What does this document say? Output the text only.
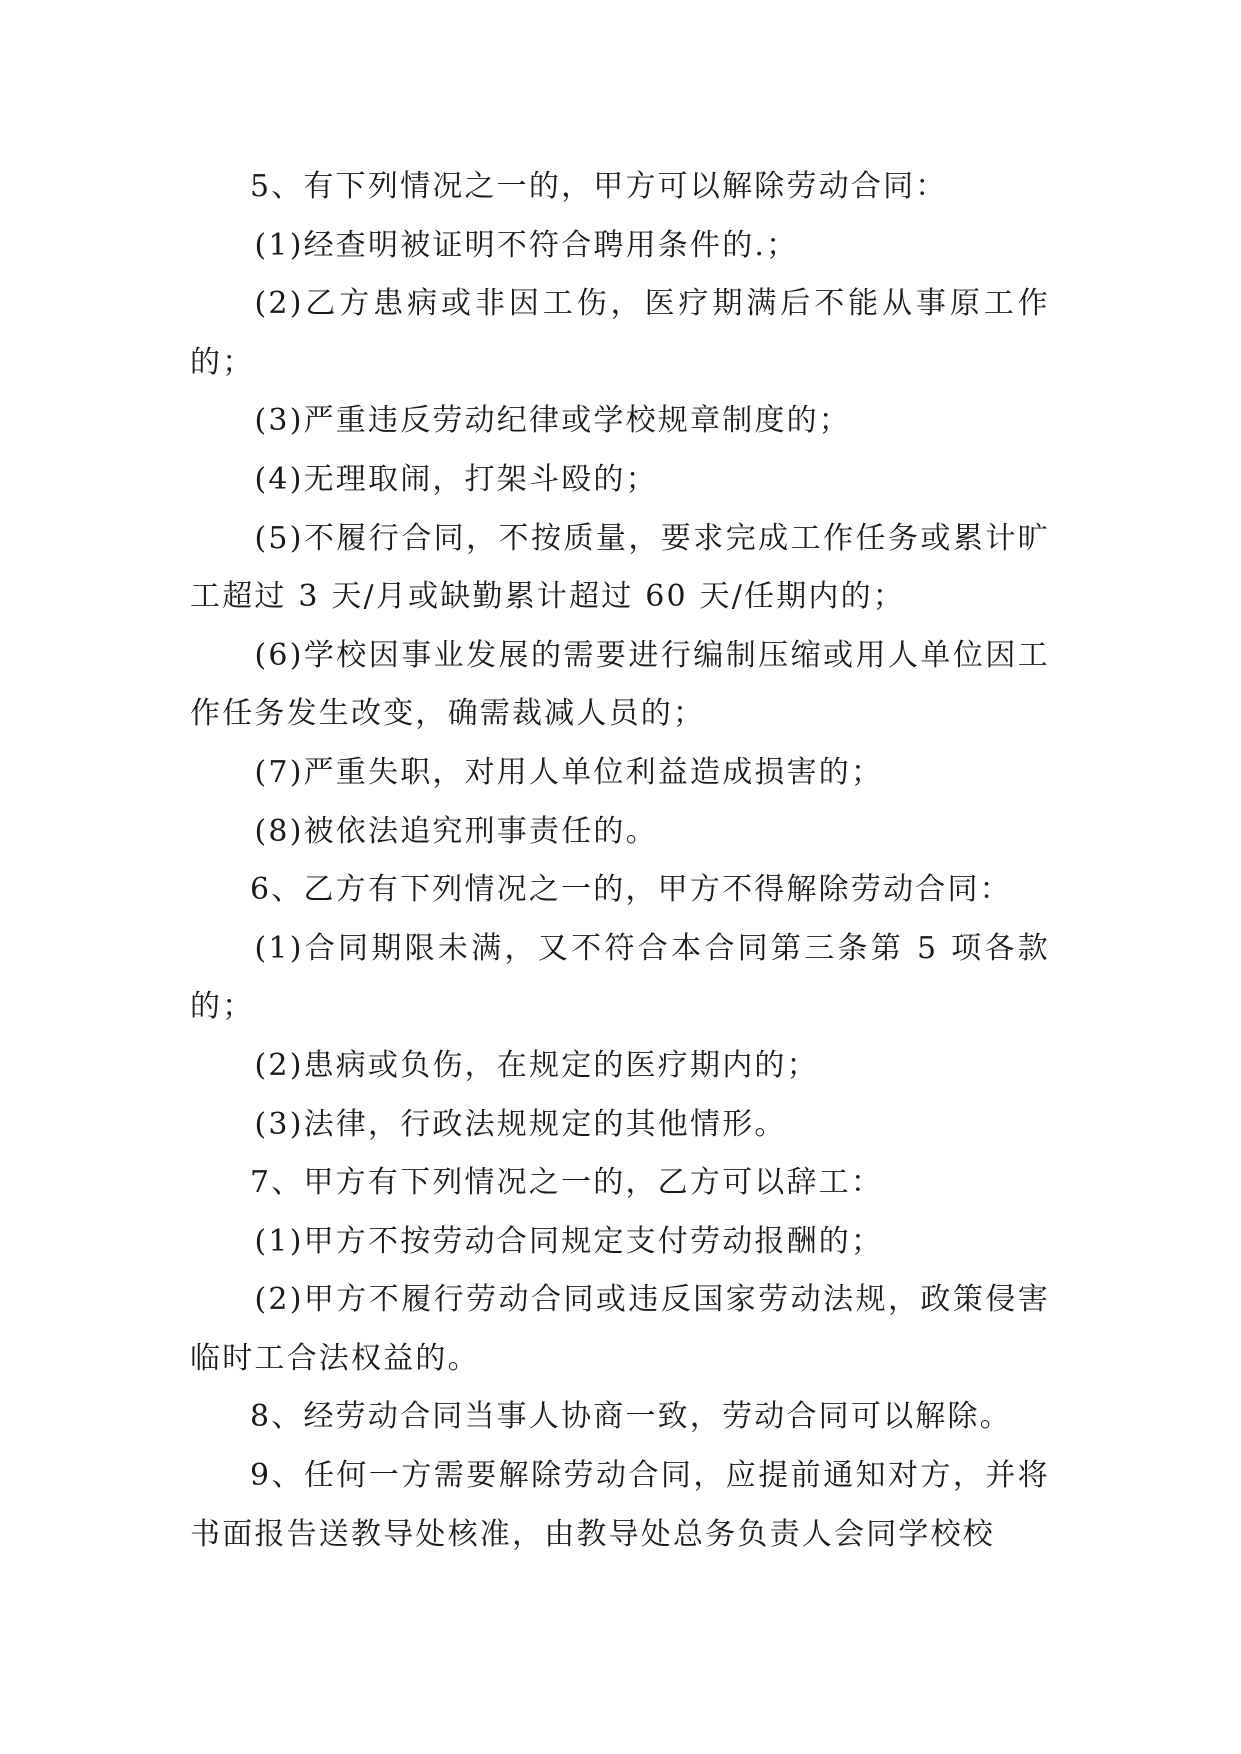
5、有下列情况之一的，甲方可以解除劳动合同：

(1)经查明被证明不符合聘用条件的.；

(2)乙方患病或非因工伤，医疗期满后不能从事原工作的；

(3)严重违反劳动纪律或学校规章制度的；

(4)无理取闹，打架斗殴的；

(5)不履行合同，不按质量，要求完成工作任务或累计旷工超过 3 天/月或缺勤累计超过 60 天/任期内的；

(6)学校因事业发展的需要进行编制压缩或用人单位因工作任务发生改变，确需裁减人员的；

(7)严重失职，对用人单位利益造成损害的；

(8)被依法追究刑事责任的。

6、乙方有下列情况之一的，甲方不得解除劳动合同：

(1)合同期限未满，又不符合本合同第三条第 5 项各款的；

(2)患病或负伤，在规定的医疗期内的；

(3)法律，行政法规规定的其他情形。

7、甲方有下列情况之一的，乙方可以辞工：

(1)甲方不按劳动合同规定支付劳动报酬的；

(2)甲方不履行劳动合同或违反国家劳动法规，政策侵害临时工合法权益的。

8、经劳动合同当事人协商一致，劳动合同可以解除。

9、任何一方需要解除劳动合同，应提前通知对方，并将书面报告送教导处核准，由教导处总务负责人会同学校校
